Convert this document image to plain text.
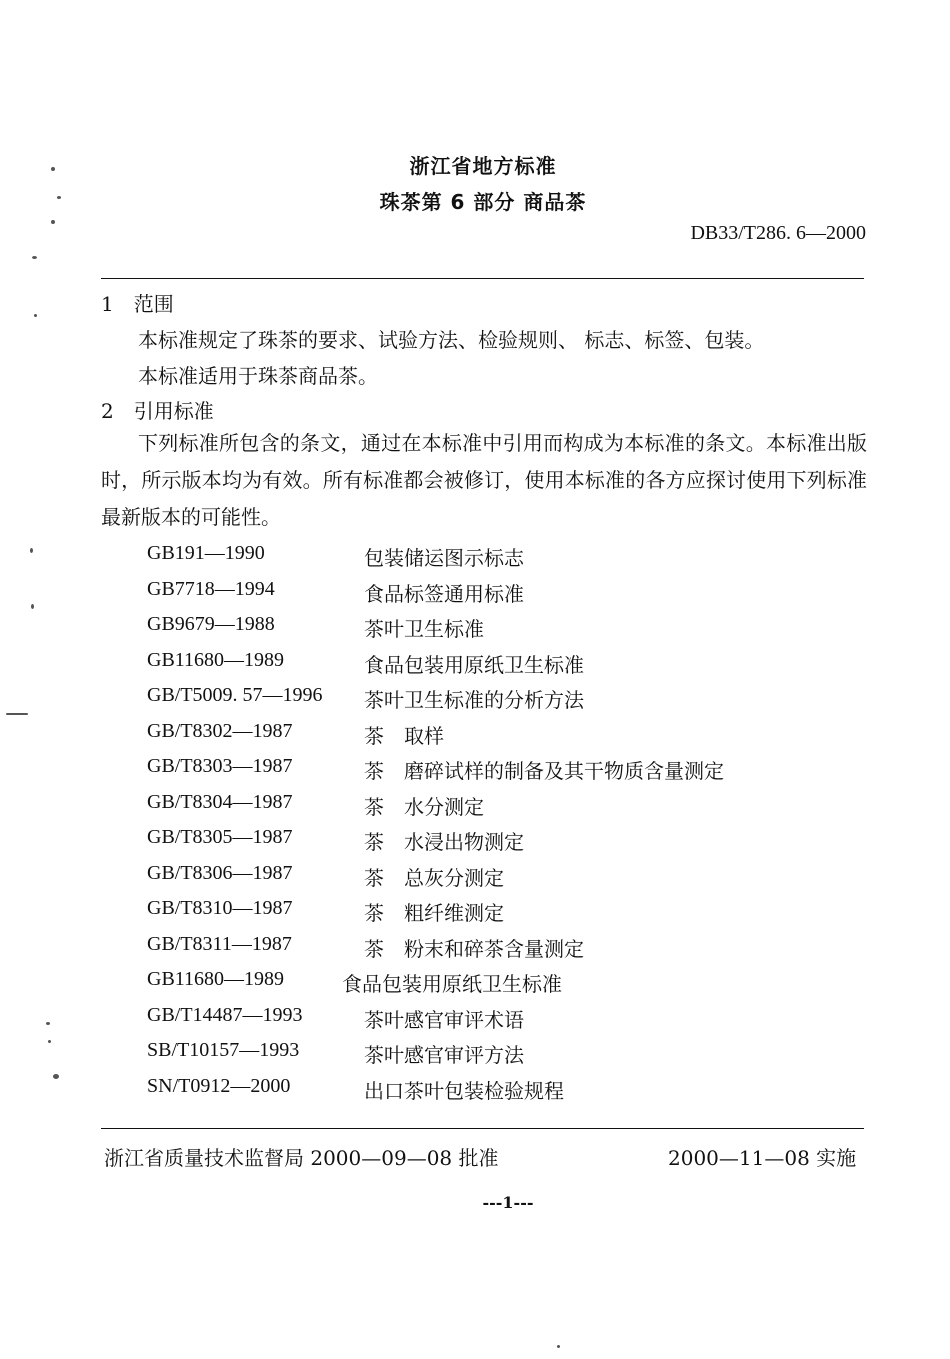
浙江省地方标准
珠茶第 6 部分 商品茶
DB33/T286. 6—2000
1　范围
本标准规定了珠茶的要求、试验方法、检验规则、 标志、标签、包装。
本标准适用于珠茶商品茶。
2　引用标准
下列标准所包含的条文，通过在本标准中引用而构成为本标准的条文。本标准出版时，所示版本均为有效。所有标准都会被修订，使用本标准的各方应探讨使用下列标准最新版本的可能性。
GB191—1990	包装储运图示标志
GB7718—1994	食品标签通用标准
GB9679—1988	茶叶卫生标准
GB11680—1989	食品包装用原纸卫生标准
GB/T5009. 57—1996 茶叶卫生标准的分析方法
GB/T8302—1987	茶　取样
GB/T8303—1987	茶　磨碎试样的制备及其干物质含量测定
GB/T8304—1987	茶　水分测定
GB/T8305—1987	茶　水浸出物测定
GB/T8306—1987	茶　总灰分测定
GB/T8310—1987	茶　粗纤维测定
GB/T8311—1987	茶　粉末和碎茶含量测定
GB11680—1989	食品包装用原纸卫生标准
GB/T14487—1993	茶叶感官审评术语
SB/T10157—1993	茶叶感官审评方法
SN/T0912—2000	出口茶叶包装检验规程
浙江省质量技术监督局 2000—09—08 批准	2000—11—08 实施
---1---
